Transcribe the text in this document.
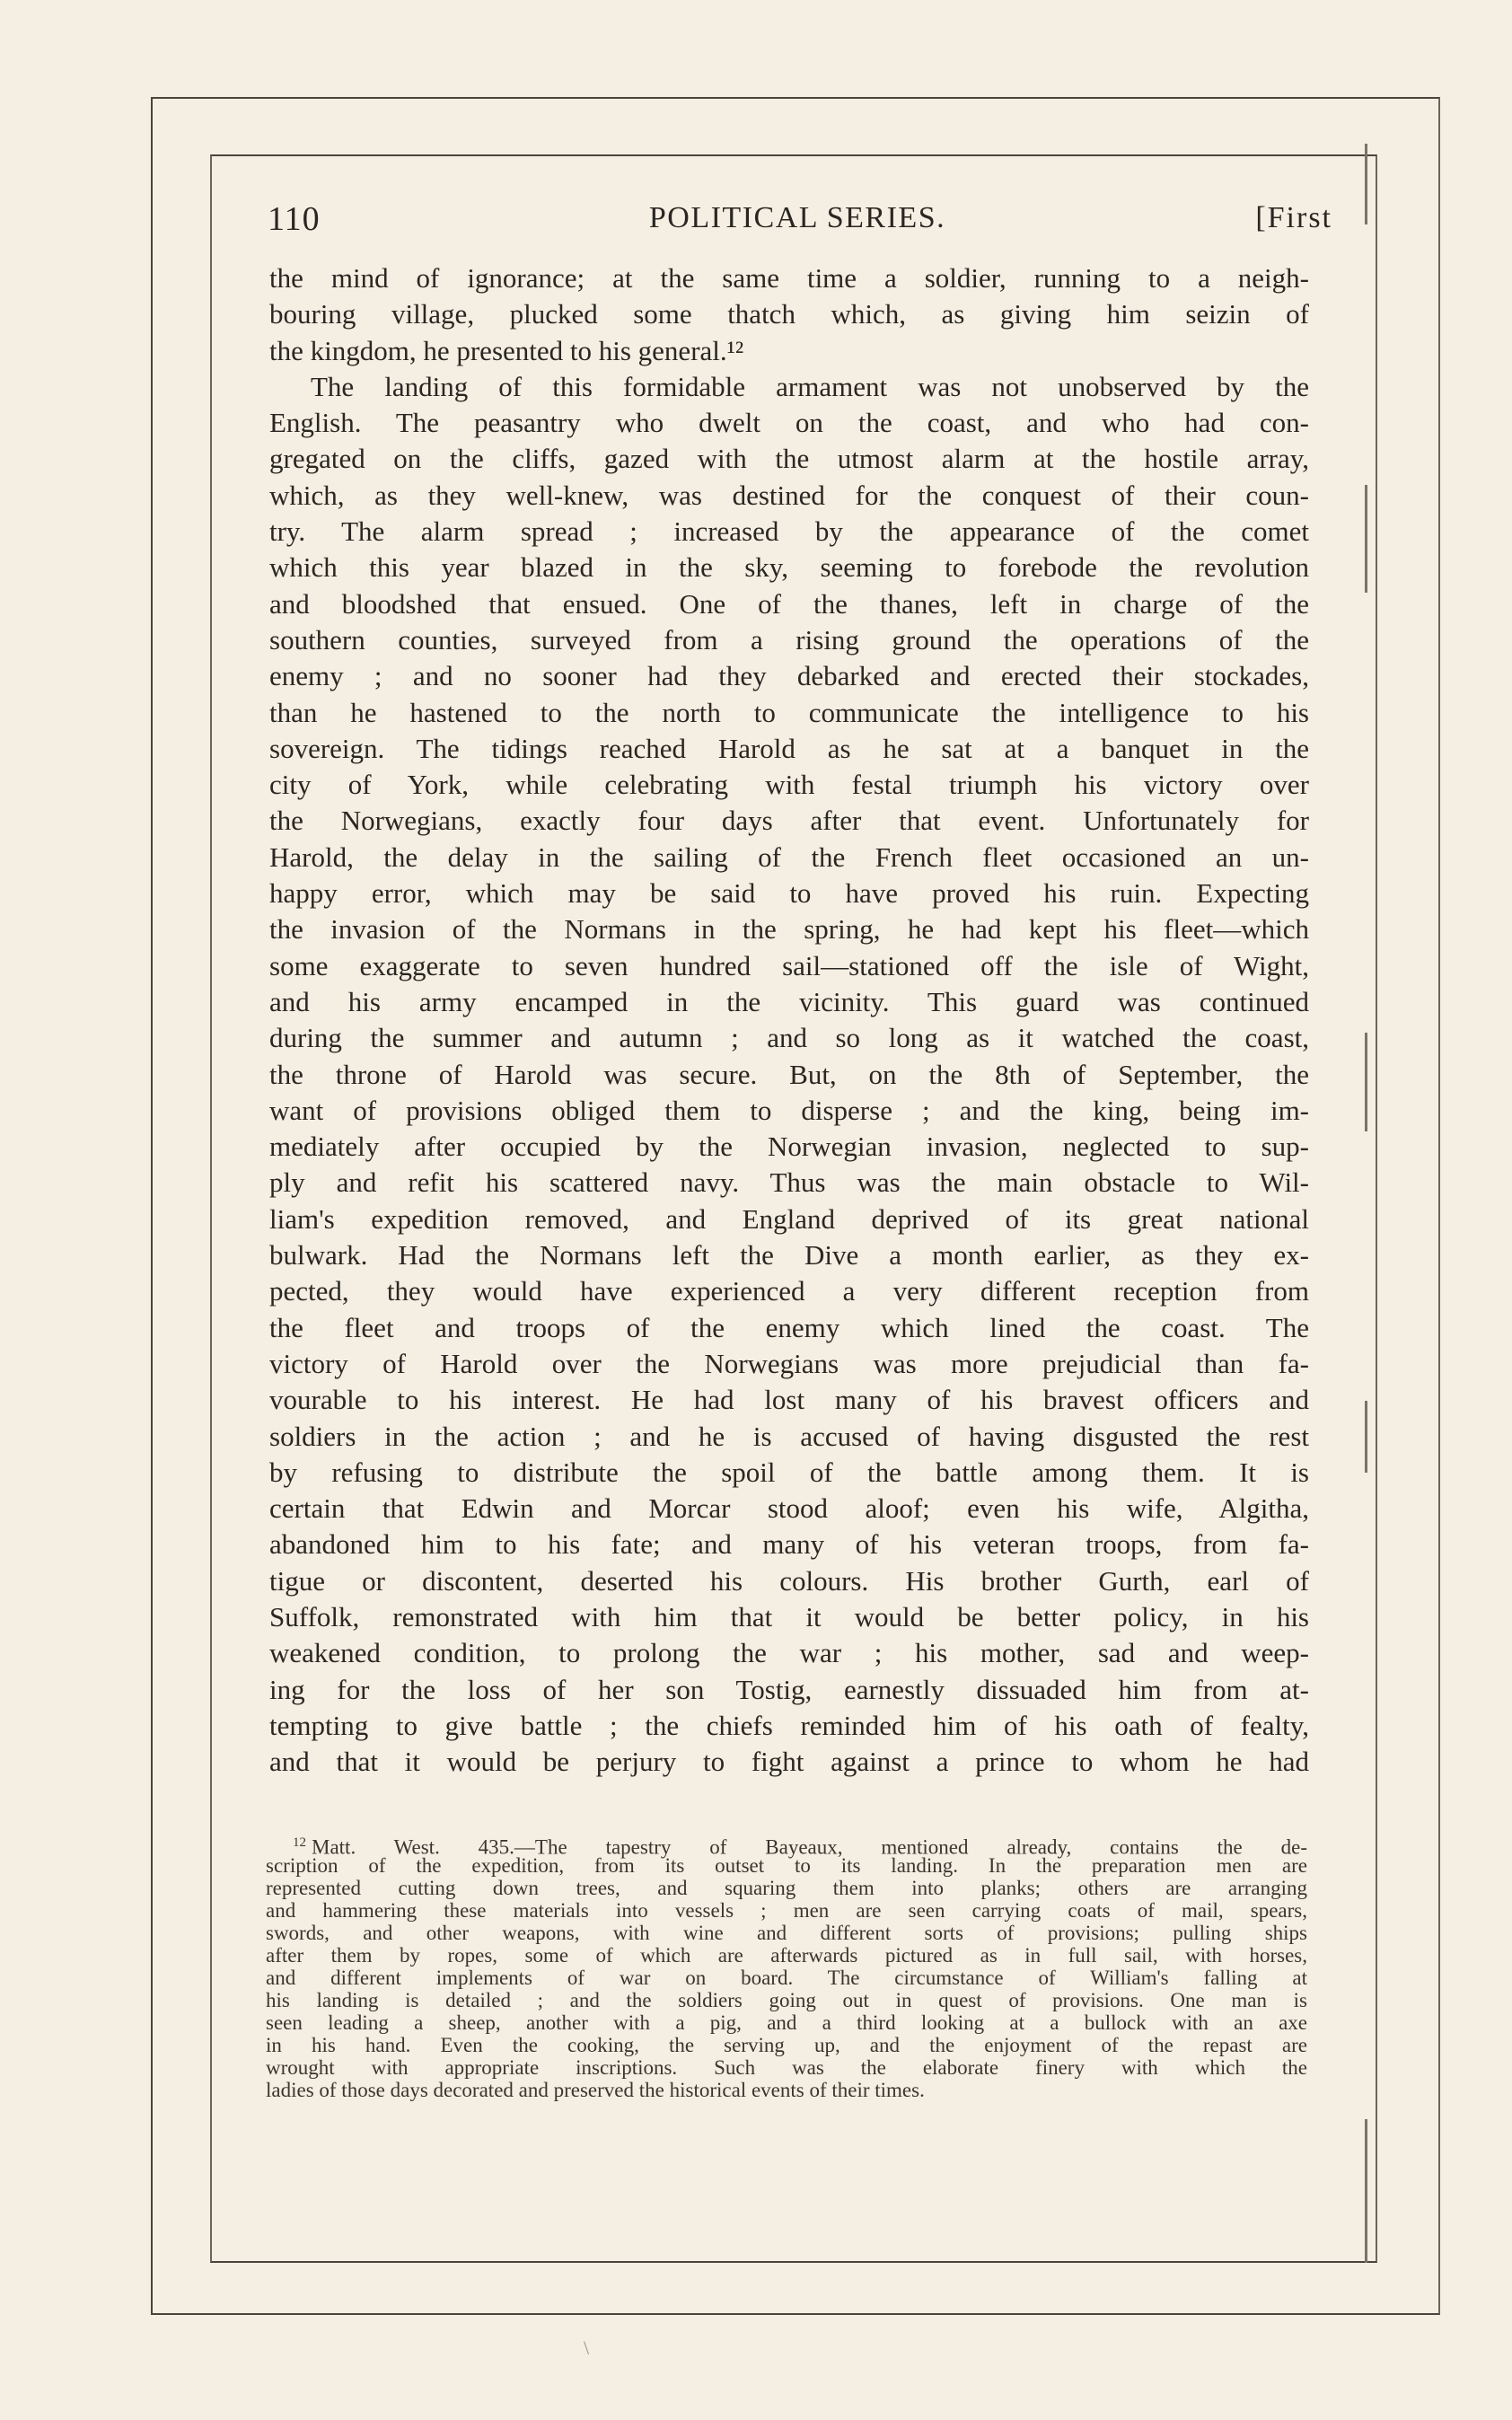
110	POLITICAL SERIES.	[First
the mind of ignorance; at the same time a soldier, running to a neigh-
bouring village, plucked some thatch which, as giving him seizin of
the kingdom, he presented to his general.¹²
The landing of this formidable armament was not unobserved by the
English. The peasantry who dwelt on the coast, and who had con-
gregated on the cliffs, gazed with the utmost alarm at the hostile array,
which, as they well-knew, was destined for the conquest of their coun-
try. The alarm spread ; increased by the appearance of the comet
which this year blazed in the sky, seeming to forebode the revolution
and bloodshed that ensued. One of the thanes, left in charge of the
southern counties, surveyed from a rising ground the operations of the
enemy ; and no sooner had they debarked and erected their stockades,
than he hastened to the north to communicate the intelligence to his
sovereign. The tidings reached Harold as he sat at a banquet in the
city of York, while celebrating with festal triumph his victory over
the Norwegians, exactly four days after that event. Unfortunately for
Harold, the delay in the sailing of the French fleet occasioned an un-
happy error, which may be said to have proved his ruin. Expecting
the invasion of the Normans in the spring, he had kept his fleet—which
some exaggerate to seven hundred sail—stationed off the isle of Wight,
and his army encamped in the vicinity. This guard was continued
during the summer and autumn ; and so long as it watched the coast,
the throne of Harold was secure. But, on the 8th of September, the
want of provisions obliged them to disperse ; and the king, being im-
mediately after occupied by the Norwegian invasion, neglected to sup-
ply and refit his scattered navy. Thus was the main obstacle to Wil-
liam's expedition removed, and England deprived of its great national
bulwark. Had the Normans left the Dive a month earlier, as they ex-
pected, they would have experienced a very different reception from
the fleet and troops of the enemy which lined the coast. The
victory of Harold over the Norwegians was more prejudicial than fa-
vourable to his interest. He had lost many of his bravest officers and
soldiers in the action ; and he is accused of having disgusted the rest
by refusing to distribute the spoil of the battle among them. It is
certain that Edwin and Morcar stood aloof; even his wife, Algitha,
abandoned him to his fate; and many of his veteran troops, from fa-
tigue or discontent, deserted his colours. His brother Gurth, earl of
Suffolk, remonstrated with him that it would be better policy, in his
weakened condition, to prolong the war ; his mother, sad and weep-
ing for the loss of her son Tostig, earnestly dissuaded him from at-
tempting to give battle ; the chiefs reminded him of his oath of fealty,
and that it would be perjury to fight against a prince to whom he had
$^{12}$ Matt. West. 435.—The tapestry of Bayeaux, mentioned already, contains the de-
scription of the expedition, from its outset to its landing. In the preparation men are
represented cutting down trees, and squaring them into planks; others are arranging
and hammering these materials into vessels ; men are seen carrying coats of mail, spears,
swords, and other weapons, with wine and different sorts of provisions; pulling ships
after them by ropes, some of which are afterwards pictured as in full sail, with horses,
and different implements of war on board. The circumstance of William's falling at
his landing is detailed ; and the soldiers going out in quest of provisions. One man is
seen leading a sheep, another with a pig, and a third looking at a bullock with an axe
in his hand. Even the cooking, the serving up, and the enjoyment of the repast are
wrought with appropriate inscriptions. Such was the elaborate finery with which the
ladies of those days decorated and preserved the historical events of their times.
\
